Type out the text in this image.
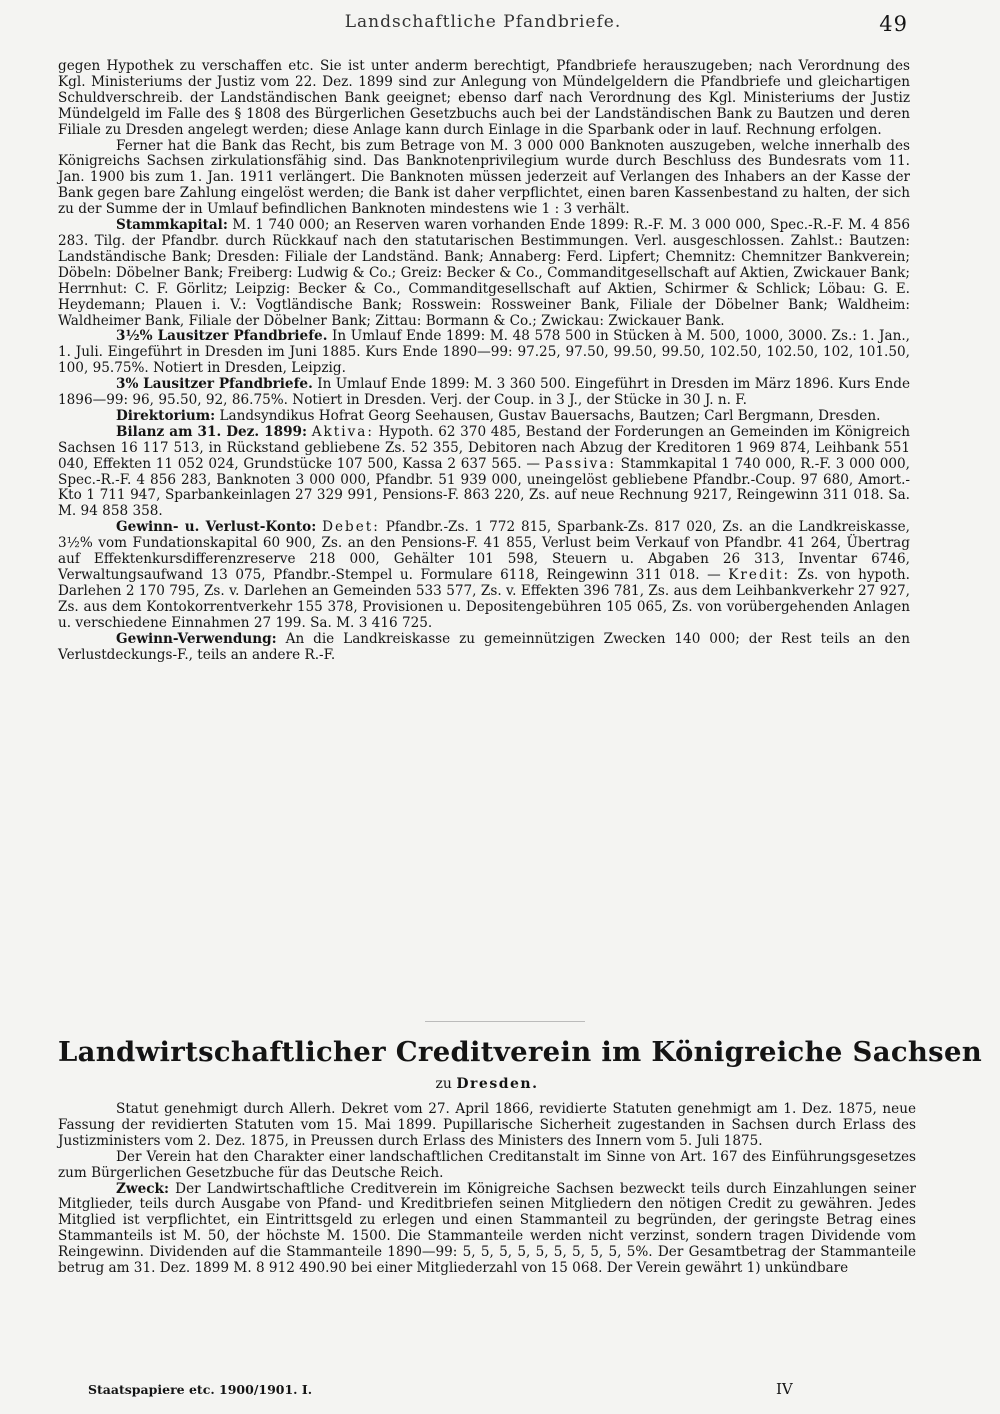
Landschaftliche Pfandbriefe.	49

gegen Hypothek zu verschaffen etc. Sie ist unter anderm berechtigt, Pfandbriefe herauszugeben; nach Verordnung des Kgl. Ministeriums der Justiz vom 22. Dez. 1899 sind zur Anlegung von Mündelgeldern die Pfandbriefe und gleichartigen Schuldverschreib. der Landständischen Bank geeignet; ebenso darf nach Verordnung des Kgl. Ministeriums der Justiz Mündelgeld im Falle des § 1808 des Bürgerlichen Gesetzbuchs auch bei der Landständischen Bank zu Bautzen und deren Filiale zu Dresden angelegt werden; diese Anlage kann durch Einlage in die Sparbank oder in lauf. Rechnung erfolgen.

Ferner hat die Bank das Recht, bis zum Betrage von M. 3 000 000 Banknoten auszugeben, welche innerhalb des Königreichs Sachsen zirkulationsfähig sind. Das Banknotenprivilegium wurde durch Beschluss des Bundesrats vom 11. Jan. 1900 bis zum 1. Jan. 1911 verlängert. Die Banknoten müssen jederzeit auf Verlangen des Inhabers an der Kasse der Bank gegen bare Zahlung eingelöst werden; die Bank ist daher verpflichtet, einen baren Kassenbestand zu halten, der sich zu der Summe der in Umlauf befindlichen Banknoten mindestens wie 1 : 3 verhält.

Stammkapital: M. 1 740 000; an Reserven waren vorhanden Ende 1899: R.-F. M. 3 000 000, Spec.-R.-F. M. 4 856 283. Tilg. der Pfandbr. durch Rückkauf nach den statutarischen Bestimmungen. Verl. ausgeschlossen. Zahlst.: Bautzen: Landständische Bank; Dresden: Filiale der Landständ. Bank; Annaberg: Ferd. Lipfert; Chemnitz: Chemnitzer Bankverein; Döbeln: Döbelner Bank; Freiberg: Ludwig & Co.; Greiz: Becker & Co., Commanditgesellschaft auf Aktien, Zwickauer Bank; Herrnhut: C. F. Görlitz; Leipzig: Becker & Co., Commanditgesellschaft auf Aktien, Schirmer & Schlick; Löbau: G. E. Heydemann; Plauen i. V.: Vogtländische Bank; Rosswein: Rossweiner Bank, Filiale der Döbelner Bank; Waldheim: Waldheimer Bank, Filiale der Döbelner Bank; Zittau: Bormann & Co.; Zwickau: Zwickauer Bank.

3½% Lausitzer Pfandbriefe. In Umlauf Ende 1899: M. 48 578 500 in Stücken à M. 500, 1000, 3000. Zs.: 1. Jan., 1. Juli. Eingeführt in Dresden im Juni 1885. Kurs Ende 1890—99: 97.25, 97.50, 99.50, 99.50, 102.50, 102.50, 102, 101.50, 100, 95.75%. Notiert in Dresden, Leipzig.

3% Lausitzer Pfandbriefe. In Umlauf Ende 1899: M. 3 360 500. Eingeführt in Dresden im März 1896. Kurs Ende 1896—99: 96, 95.50, 92, 86.75%. Notiert in Dresden. Verj. der Coup. in 3 J., der Stücke in 30 J. n. F.

Direktorium: Landsyndikus Hofrat Georg Seehausen, Gustav Bauersachs, Bautzen; Carl Bergmann, Dresden.

Bilanz am 31. Dez. 1899: Aktiva: Hypoth. 62 370 485, Bestand der Forderungen an Gemeinden im Königreich Sachsen 16 117 513, in Rückstand gebliebene Zs. 52 355, Debitoren nach Abzug der Kreditoren 1 969 874, Leihbank 551 040, Effekten 11 052 024, Grundstücke 107 500, Kassa 2 637 565. — Passiva: Stammkapital 1 740 000, R.-F. 3 000 000, Spec.-R.-F. 4 856 283, Banknoten 3 000 000, Pfandbr. 51 939 000, uneingelöst gebliebene Pfandbr.-Coup. 97 680, Amort.-Kto 1 711 947, Sparbankeinlagen 27 329 991, Pensions-F. 863 220, Zs. auf neue Rechnung 9217, Reingewinn 311 018. Sa. M. 94 858 358.

Gewinn- u. Verlust-Konto: Debet: Pfandbr.-Zs. 1 772 815, Sparbank-Zs. 817 020, Zs. an die Landkreiskasse, 3½% vom Fundationskapital 60 900, Zs. an den Pensions-F. 41 855, Verlust beim Verkauf von Pfandbr. 41 264, Übertrag auf Effektenkursdifferenzreserve 218 000, Gehälter 101 598, Steuern u. Abgaben 26 313, Inventar 6746, Verwaltungsaufwand 13 075, Pfandbr.-Stempel u. Formulare 6118, Reingewinn 311 018. — Kredit: Zs. von hypoth. Darlehen 2 170 795, Zs. v. Darlehen an Gemeinden 533 577, Zs. v. Effekten 396 781, Zs. aus dem Leihbankverkehr 27 927, Zs. aus dem Kontokorrentverkehr 155 378, Provisionen u. Depositengebühren 105 065, Zs. von vorübergehenden Anlagen u. verschiedene Einnahmen 27 199. Sa. M. 3 416 725.

Gewinn-Verwendung: An die Landkreiskasse zu gemeinnützigen Zwecken 140 000; der Rest teils an den Verlustdeckungs-F., teils an andere R.-F.

Landwirtschaftlicher Creditverein im Königreiche Sachsen
zu Dresden.

Statut genehmigt durch Allerh. Dekret vom 27. April 1866, revidierte Statuten genehmigt am 1. Dez. 1875, neue Fassung der revidierten Statuten vom 15. Mai 1899. Pupillarische Sicherheit zugestanden in Sachsen durch Erlass des Justizministers vom 2. Dez. 1875, in Preussen durch Erlass des Ministers des Innern vom 5. Juli 1875.

Der Verein hat den Charakter einer landschaftlichen Creditanstalt im Sinne von Art. 167 des Einführungsgesetzes zum Bürgerlichen Gesetzbuche für das Deutsche Reich.

Zweck: Der Landwirtschaftliche Creditverein im Königreiche Sachsen bezweckt teils durch Einzahlungen seiner Mitglieder, teils durch Ausgabe von Pfand- und Kreditbriefen seinen Mitgliedern den nötigen Credit zu gewähren. Jedes Mitglied ist verpflichtet, ein Eintrittsgeld zu erlegen und einen Stammanteil zu begründen, der geringste Betrag eines Stammanteils ist M. 50, der höchste M. 1500. Die Stammanteile werden nicht verzinst, sondern tragen Dividende vom Reingewinn. Dividenden auf die Stammanteile 1890—99: 5, 5, 5, 5, 5, 5, 5, 5, 5, 5%. Der Gesamtbetrag der Stammanteile betrug am 31. Dez. 1899 M. 8 912 490.90 bei einer Mitgliederzahl von 15 068. Der Verein gewährt 1) unkündbare

Staatspapiere etc. 1900/1901. I.	IV
